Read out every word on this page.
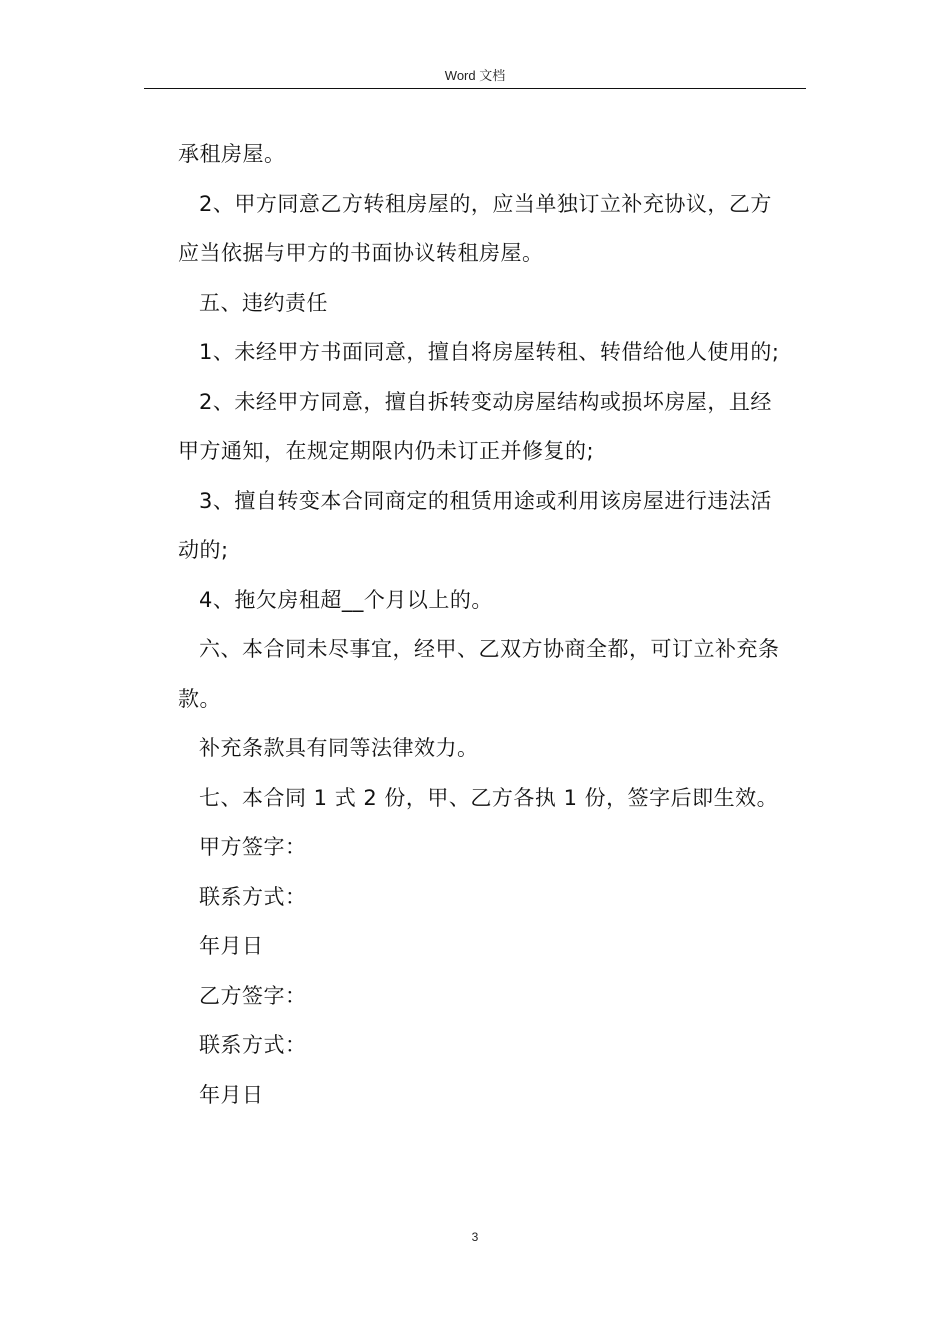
Word 文档

承租房屋。

2、甲方同意乙方转租房屋的，应当单独订立补充协议，乙方

应当依据与甲方的书面协议转租房屋。

五、违约责任

1、未经甲方书面同意，擅自将房屋转租、转借给他人使用的;

2、未经甲方同意，擅自拆转变动房屋结构或损坏房屋，且经

甲方通知，在规定期限内仍未订正并修复的;

3、擅自转变本合同商定的租赁用途或利用该房屋进行违法活

动的;

4、拖欠房租超__个月以上的。

六、本合同未尽事宜，经甲、乙双方协商全都，可订立补充条

款。

补充条款具有同等法律效力。

七、本合同 1 式 2 份，甲、乙方各执 1 份，签字后即生效。

甲方签字：

联系方式：

年月日

乙方签字：

联系方式：

年月日

3
